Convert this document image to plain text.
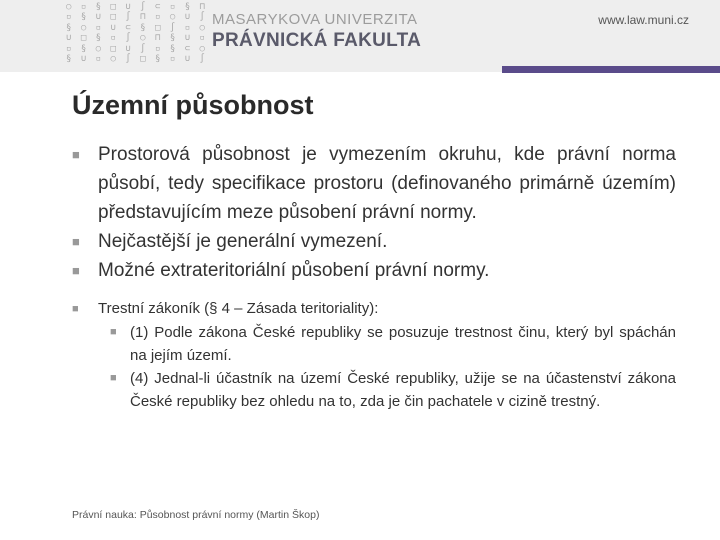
○ ▫ § □ ∪ ∫ ⊂ ▫ § ⊓
▫ § ∪ □ ∫ ⊓ ▫ ○ ∪ ∫
§ ○ ▫ ∪ ⊂ § □ ∫ ▫ ○
∪ □ § ▫ ∫ ○ ⊓ § ∪ ▫
▫ § ○ □ ∪ ∫ ▫ § ⊂ ○
§ ∪ ▫ ○ ∫ □ § ▫ ∪ ∫
MASARYKOVA UNIVERZITA
PRÁVNICKÁ FAKULTA
www.law.muni.cz
Územní působnost
■ Prostorová působnost je vymezením okruhu, kde právní norma působí, tedy specifikace prostoru (definovaného primárně územím) představujícím meze působení právní normy.
■ Nejčastější je generální vymezení.
■ Možné extrateritoriální působení právní normy.
■ Trestní zákoník (§ 4 – Zásada teritoriality):
■ (1) Podle zákona České republiky se posuzuje trestnost činu, který byl spáchán na jejím území.
■ (4) Jednal-li účastník na území České republiky, užije se na účastenství zákona České republiky bez ohledu na to, zda je čin pachatele v cizině trestný.
Právní nauka: Působnost právní normy (Martin Škop)
